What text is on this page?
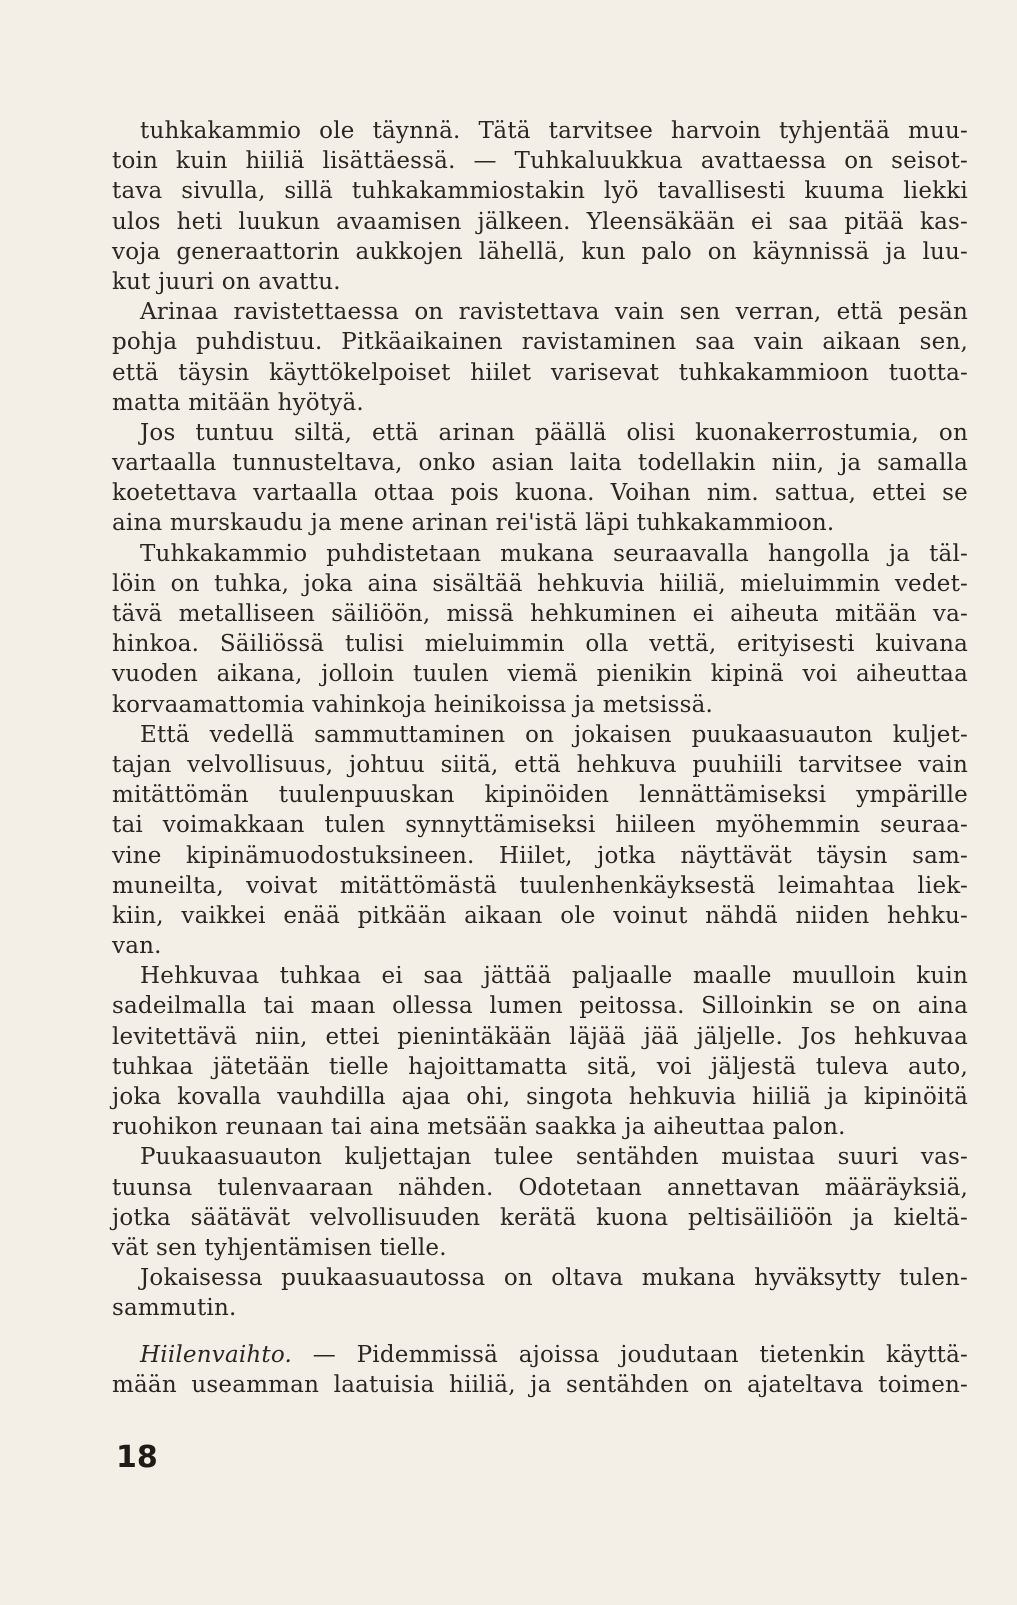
tuhkakammio ole täynnä. Tätä tarvitsee harvoin tyhjentää muu-
toin kuin hiiliä lisättäessä. — Tuhkaluukkua avattaessa on seisot-
tava sivulla, sillä tuhkakammiostakin lyö tavallisesti kuuma liekki
ulos heti luukun avaamisen jälkeen. Yleensäkään ei saa pitää kas-
voja generaattorin aukkojen lähellä, kun palo on käynnissä ja luu-
kut juuri on avattu.
Arinaa ravistettaessa on ravistettava vain sen verran, että pesän
pohja puhdistuu. Pitkäaikainen ravistaminen saa vain aikaan sen,
että täysin käyttökelpoiset hiilet varisevat tuhkakammioon tuotta-
matta mitään hyötyä.
Jos tuntuu siltä, että arinan päällä olisi kuonakerrostumia, on
vartaalla tunnusteltava, onko asian laita todellakin niin, ja samalla
koetettava vartaalla ottaa pois kuona. Voihan nim. sattua, ettei se
aina murskaudu ja mene arinan rei'istä läpi tuhkakammioon.
Tuhkakammio puhdistetaan mukana seuraavalla hangolla ja täl-
löin on tuhka, joka aina sisältää hehkuvia hiiliä, mieluimmin vedet-
tävä metalliseen säiliöön, missä hehkuminen ei aiheuta mitään va-
hinkoa. Säiliössä tulisi mieluimmin olla vettä, erityisesti kuivana
vuoden aikana, jolloin tuulen viemä pienikin kipinä voi aiheuttaa
korvaamattomia vahinkoja heinikoissa ja metsissä.
Että vedellä sammuttaminen on jokaisen puukaasuauton kuljet-
tajan velvollisuus, johtuu siitä, että hehkuva puuhiili tarvitsee vain
mitättömän tuulenpuuskan kipinöiden lennättämiseksi ympärille
tai voimakkaan tulen synnyttämiseksi hiileen myöhemmin seuraa-
vine kipinämuodostuksineen. Hiilet, jotka näyttävät täysin sam-
muneilta, voivat mitättömästä tuulenhenkäyksestä leimahtaa liek-
kiin, vaikkei enää pitkään aikaan ole voinut nähdä niiden hehku-
van.
Hehkuvaa tuhkaa ei saa jättää paljaalle maalle muulloin kuin
sadeilmalla tai maan ollessa lumen peitossa. Silloinkin se on aina
levitettävä niin, ettei pienintäkään läjää jää jäljelle. Jos hehkuvaa
tuhkaa jätetään tielle hajoittamatta sitä, voi jäljestä tuleva auto,
joka kovalla vauhdilla ajaa ohi, singota hehkuvia hiiliä ja kipinöitä
ruohikon reunaan tai aina metsään saakka ja aiheuttaa palon.
Puukaasuauton kuljettajan tulee sentähden muistaa suuri vas-
tuunsa tulenvaaraan nähden. Odotetaan annettavan määräyksiä,
jotka säätävät velvollisuuden kerätä kuona peltisäiliöön ja kieltä-
vät sen tyhjentämisen tielle.
Jokaisessa puukaasuautossa on oltava mukana hyväksytty tulen-
sammutin.
Hiilenvaihto. — Pidemmissä ajoissa joudutaan tietenkin käyttä-
mään useamman laatuisia hiiliä, ja sentähden on ajateltava toimen-
18
